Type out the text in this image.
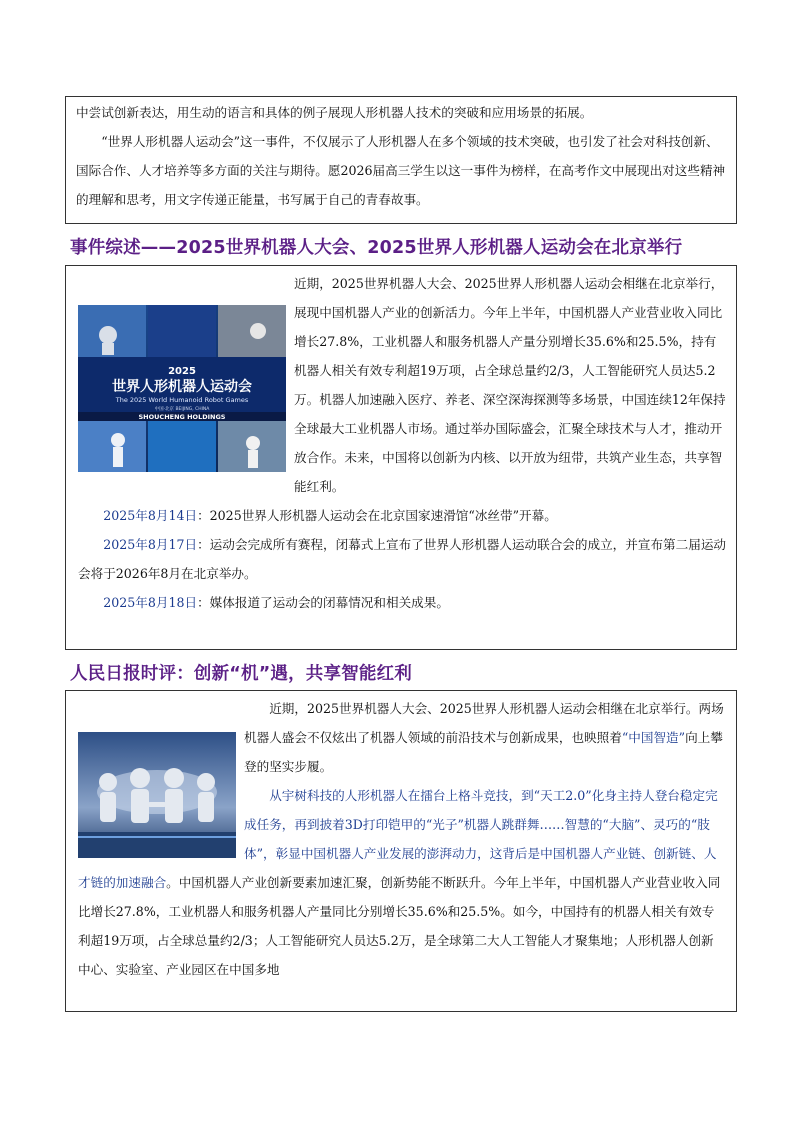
中尝试创新表达，用生动的语言和具体的例子展现人形机器人技术的突破和应用场景的拓展。

“世界人形机器人运动会”这一事件，不仅展示了人形机器人在多个领域的技术突破，也引发了社会对科技创新、国际合作、人才培养等多方面的关注与期待。愿2026届高三学生以这一事件为榜样，在高考作文中展现出对这些精神的理解和思考，用文字传递正能量，书写属于自己的青春故事。

事件综述——2025世界机器人大会、2025世界人形机器人运动会在北京举行
2025
世界人形机器人运动会
The 2025 World Humanoid Robot Games
中国·北京 BEIJING, CHINA
SHOUCHENG HOLDINGS

近期，2025世界机器人大会、2025世界人形机器人运动会相继在北京举行，展现中国机器人产业的创新活力。今年上半年，中国机器人产业营业收入同比增长27.8%，工业机器人和服务机器人产量分别增长35.6%和25.5%，持有机器人相关有效专利超19万项，占全球总量约2/3，人工智能研究人员达5.2万。机器人加速融入医疗、养老、深空深海探测等多场景，中国连续12年保持全球最大工业机器人市场。通过举办国际盛会，汇聚全球技术与人才，推动开放合作。未来，中国将以创新为内核、以开放为纽带，共筑产业生态，共享智能红利。

2025年8月14日：2025世界人形机器人运动会在北京国家速滑馆“冰丝带”开幕。

2025年8月17日：运动会完成所有赛程，闭幕式上宣布了世界人形机器人运动联合会的成立，并宣布第二届运动会将于2026年8月在北京举办。

2025年8月18日：媒体报道了运动会的闭幕情况和相关成果。

人民日报时评：创新“机”遇，共享智能红利

近期，2025世界机器人大会、2025世界人形机器人运动会相继在北京举行。两场机器人盛会不仅炫出了机器人领域的前沿技术与创新成果，也映照着“中国智造”向上攀登的坚实步履。

从宇树科技的人形机器人在擂台上格斗竞技，到“天工2.0”化身主持人登台稳定完成任务，再到披着3D打印铠甲的“光子”机器人跳群舞……智慧的“大脑”、灵巧的“肢体”，彰显中国机器人产业发展的澎湃动力，这背后是中国机器人产业链、创新链、人才链的加速融合。中国机器人产业创新要素加速汇聚，创新势能不断跃升。今年上半年，中国机器人产业营业收入同比增长27.8%，工业机器人和服务机器人产量同比分别增长35.6%和25.5%。如今，中国持有的机器人相关有效专利超19万项，占全球总量约2/3；人工智能研究人员达5.2万，是全球第二大人工智能人才聚集地；人形机器人创新中心、实验室、产业园区在中国多地
